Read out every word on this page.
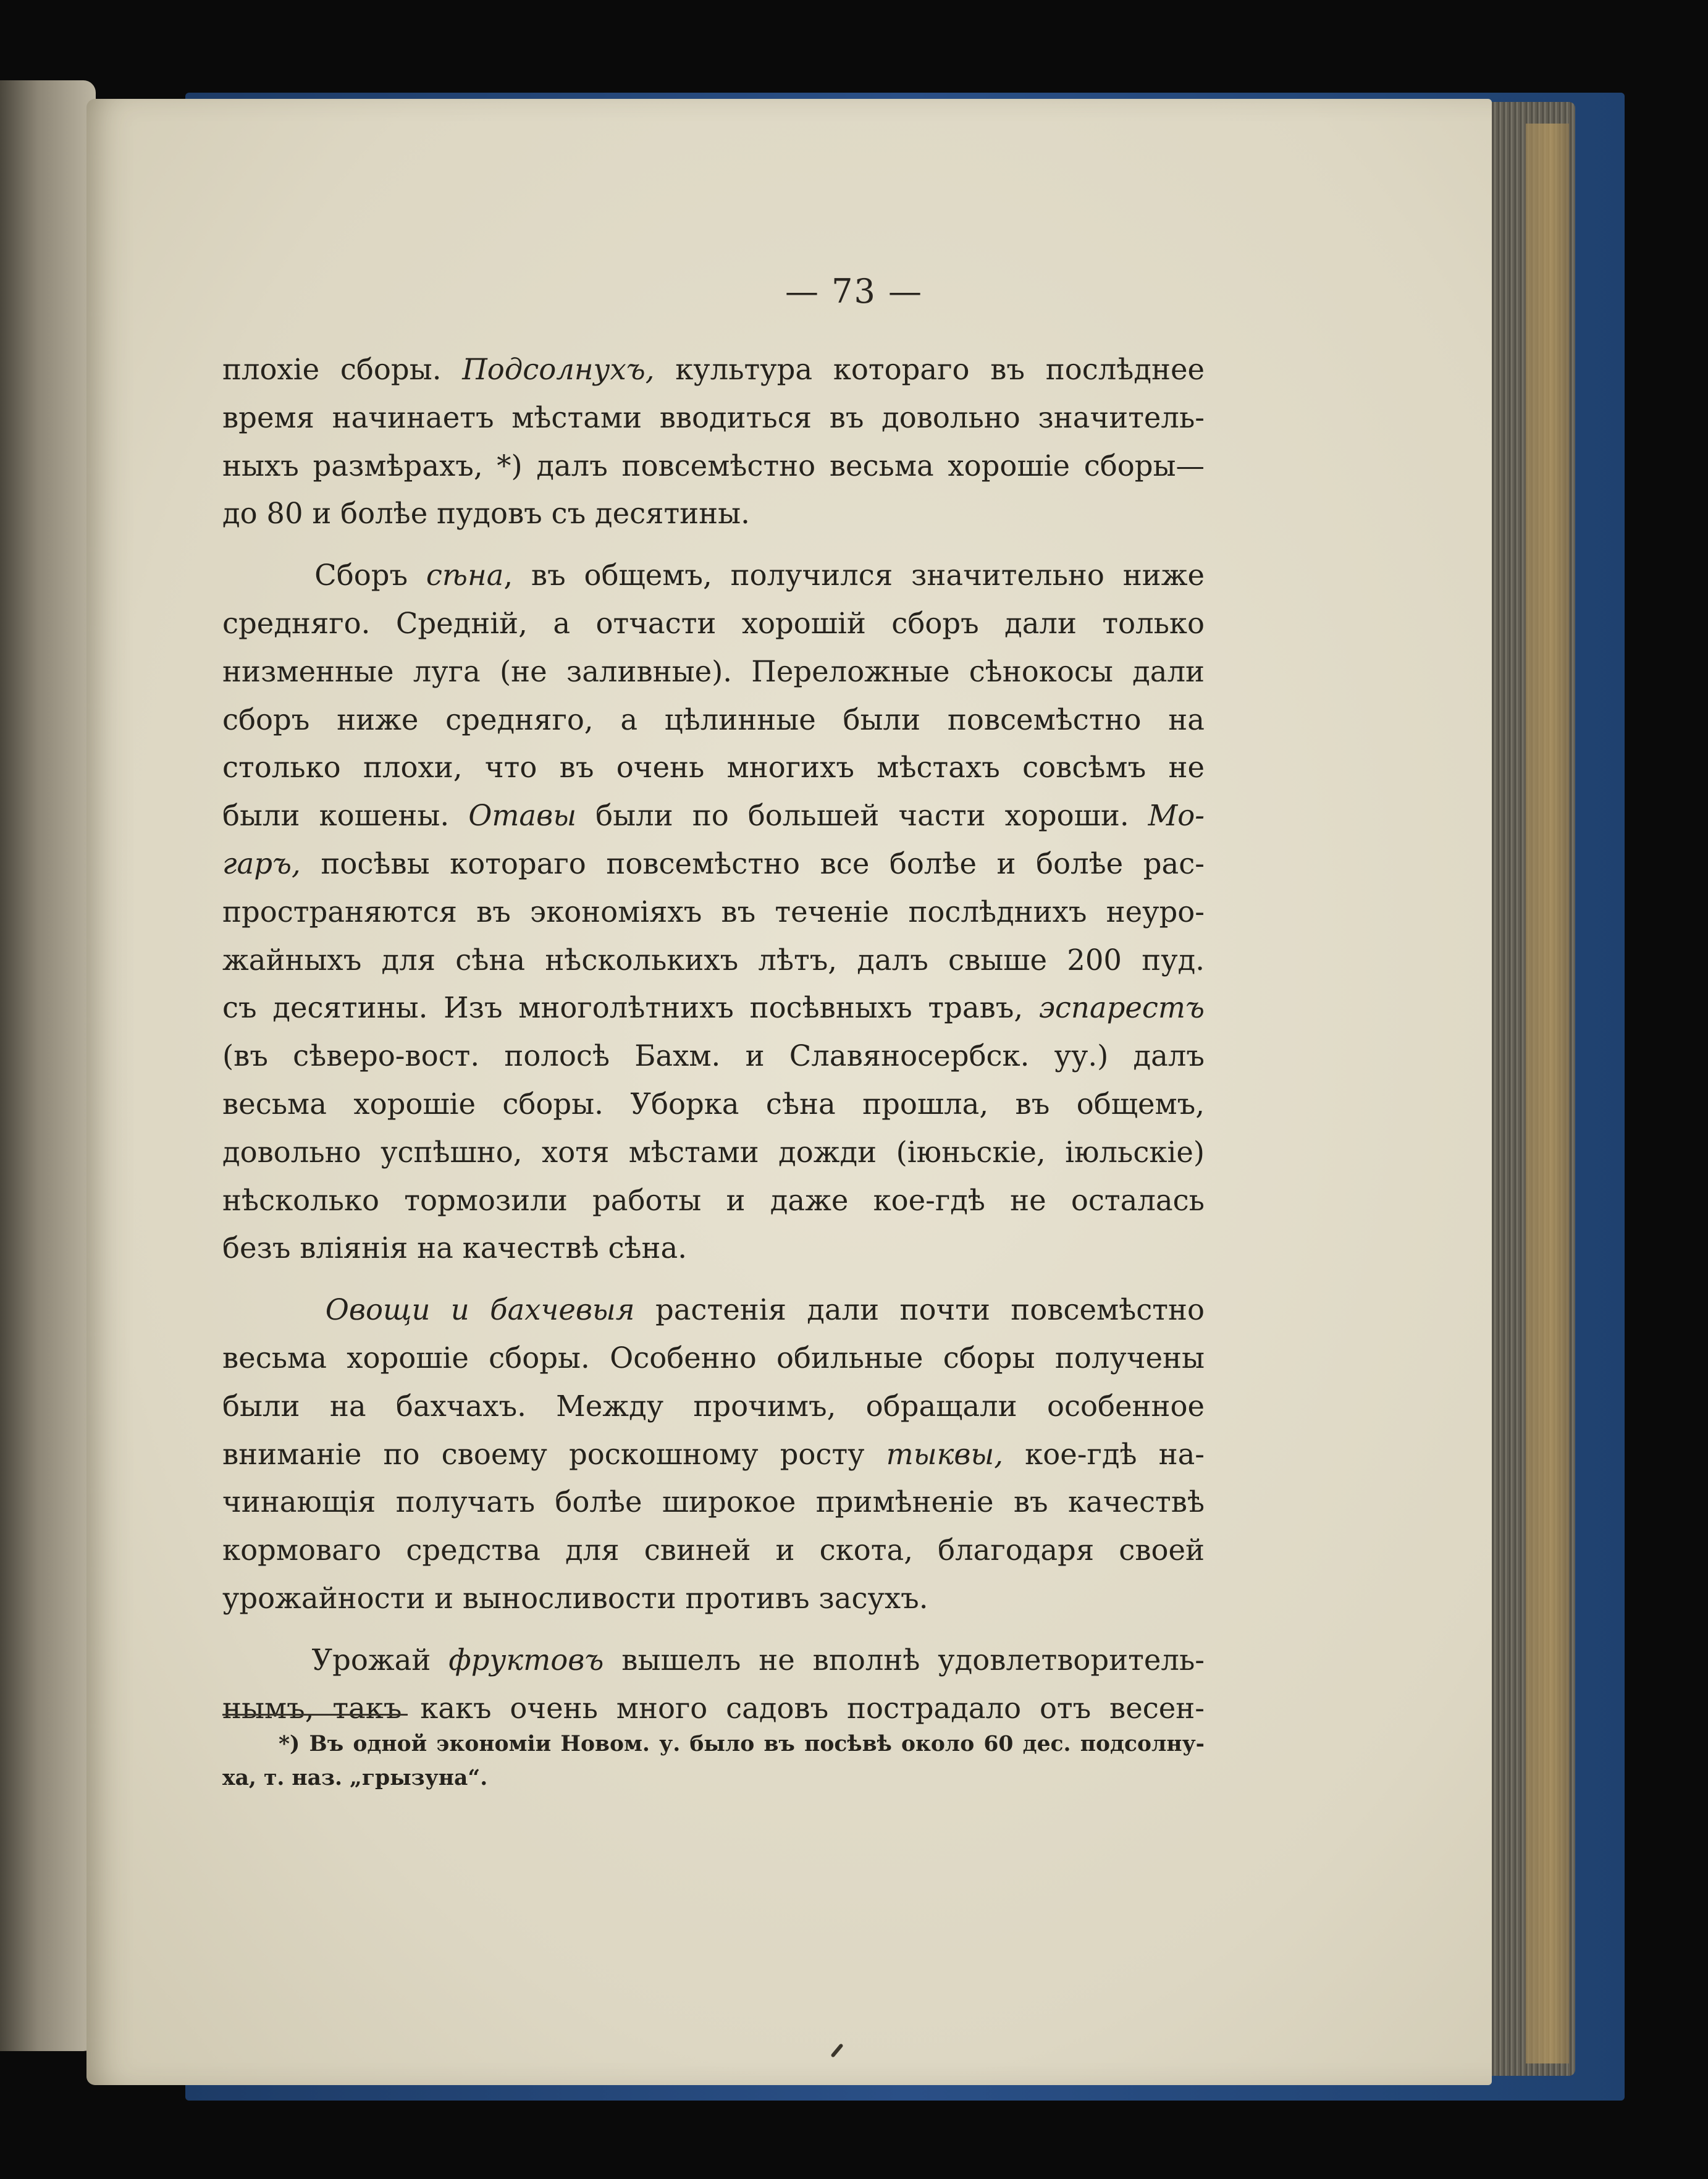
— 73 —

плохіе сборы. Подсолнухъ, культура котораго въ послѣднее

время начинаетъ мѣстами вводиться въ довольно значитель-

ныхъ размѣрахъ, *) далъ повсемѣстно весьма хорошіе сборы—

до 80 и болѣе пудовъ съ десятины.

Сборъ сѣна, въ общемъ, получился значительно ниже

средняго. Средній, а отчасти хорошій сборъ дали только

низменные луга (не заливные). Переложные сѣнокосы дали

сборъ ниже средняго, а цѣлинные были повсемѣстно на

столько плохи, что въ очень многихъ мѣстахъ совсѣмъ не

были кошены. Отавы были по большей части хороши. Мо-

гаръ, посѣвы котораго повсемѣстно все болѣе и болѣе рас-

пространяются въ экономіяхъ въ теченіе послѣднихъ неуро-

жайныхъ для сѣна нѣсколькихъ лѣтъ, далъ свыше 200 пуд.

съ десятины. Изъ многолѣтнихъ посѣвныхъ травъ, эспарестъ

(въ сѣверо-вост. полосѣ Бахм. и Славяносербск. уу.) далъ

весьма хорошіе сборы. Уборка сѣна прошла, въ общемъ,

довольно успѣшно, хотя мѣстами дожди (іюньскіе, іюльскіе)

нѣсколько тормозили работы и даже кое-гдѣ не осталась

безъ вліянія на качествѣ сѣна.

Овощи и бахчевыя растенія дали почти повсемѣстно

весьма хорошіе сборы. Особенно обильные сборы получены

были на бахчахъ. Между прочимъ, обращали особенное

вниманіе по своему роскошному росту тыквы, кое-гдѣ на-

чинающія получать болѣе широкое примѣненіе въ качествѣ

кормоваго средства для свиней и скота, благодаря своей

урожайности и выносливости противъ засухъ.

Урожай фруктовъ вышелъ не вполнѣ удовлетворитель-

нымъ, такъ какъ очень много садовъ пострадало отъ весен-

*) Въ одной экономіи Новом. у. было въ посѣвѣ около 60 дес. подсолну-

ха, т. наз. „грызуна“.
